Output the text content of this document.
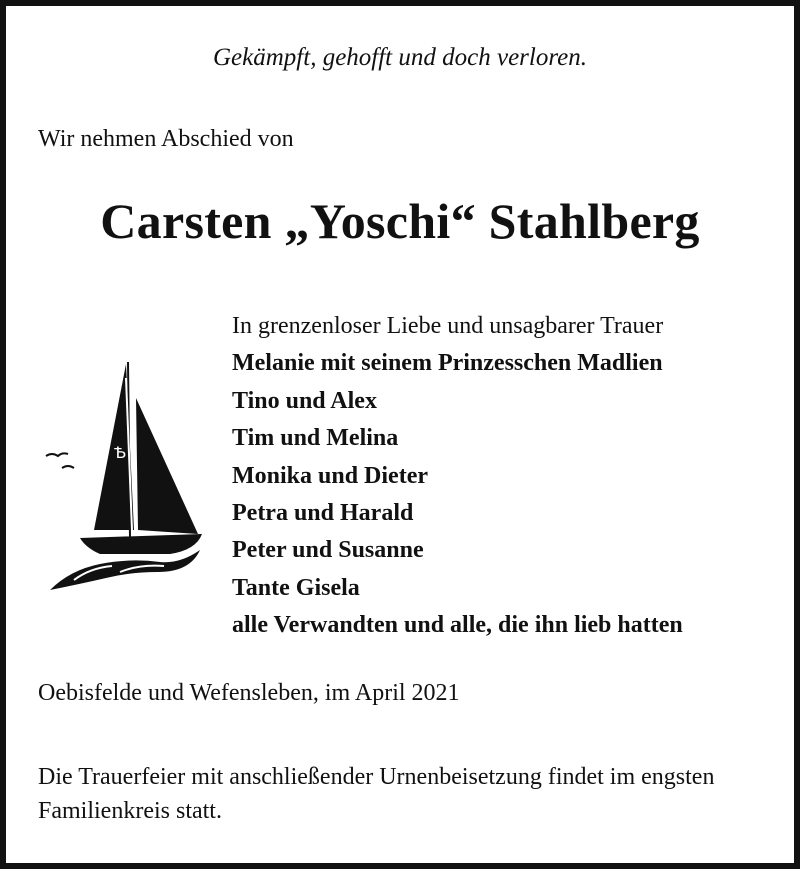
Gekämpft, gehofft und doch verloren.
Wir nehmen Abschied von
Carsten „Yoschi“ Stahlberg
Ѣ
In grenzenloser Liebe und unsagbarer Trauer
Melanie mit seinem Prinzesschen Madlien
Tino und Alex
Tim und Melina
Monika und Dieter
Petra und Harald
Peter und Susanne
Tante Gisela
alle Verwandten und alle, die ihn lieb hatten
Oebisfelde und Wefensleben, im April 2021
Die Trauerfeier mit anschließender Urnenbeisetzung findet im engsten Familienkreis statt.
